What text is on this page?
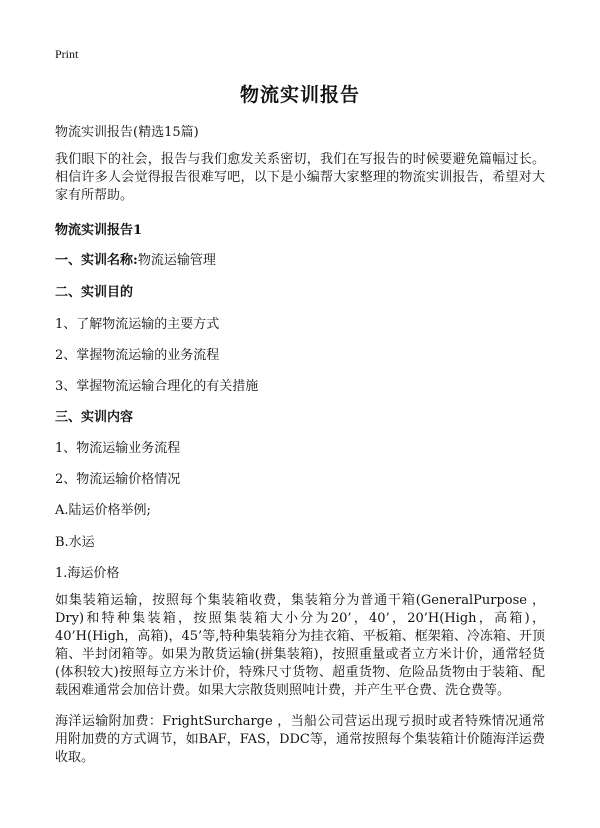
Print
物流实训报告
物流实训报告(精选15篇)
我们眼下的社会，报告与我们愈发关系密切，我们在写报告的时候要避免篇幅过长。相信许多人会觉得报告很难写吧，以下是小编帮大家整理的物流实训报告，希望对大家有所帮助。
物流实训报告1
一、实训名称:物流运输管理
二、实训目的
1、了解物流运输的主要方式
2、掌握物流运输的业务流程
3、掌握物流运输合理化的有关措施
三、实训内容
1、物流运输业务流程
2、物流运输价格情况
A.陆运价格举例;
B.水运
1.海运价格
如集装箱运输，按照每个集装箱收费，集装箱分为普通干箱(GeneralPurpose ，Dry)和特种集装箱，按照集装箱大小分为20’，40’，20’H(High，高箱)，40’H(High，高箱)，45’等,特种集装箱分为挂衣箱、平板箱、框架箱、冷冻箱、开顶箱、半封闭箱等。如果为散货运输(拼集装箱)，按照重量或者立方米计价，通常轻货(体积较大)按照每立方米计价，特殊尺寸货物、超重货物、危险品货物由于装箱、配载困难通常会加倍计费。如果大宗散货则照吨计费，并产生平仓费、洗仓费等。
海洋运输附加费：FrightSurcharge ，当船公司营运出现亏损时或者特殊情况通常用附加费的方式调节，如BAF，FAS，DDC等，通常按照每个集装箱计价随海洋运费收取。
